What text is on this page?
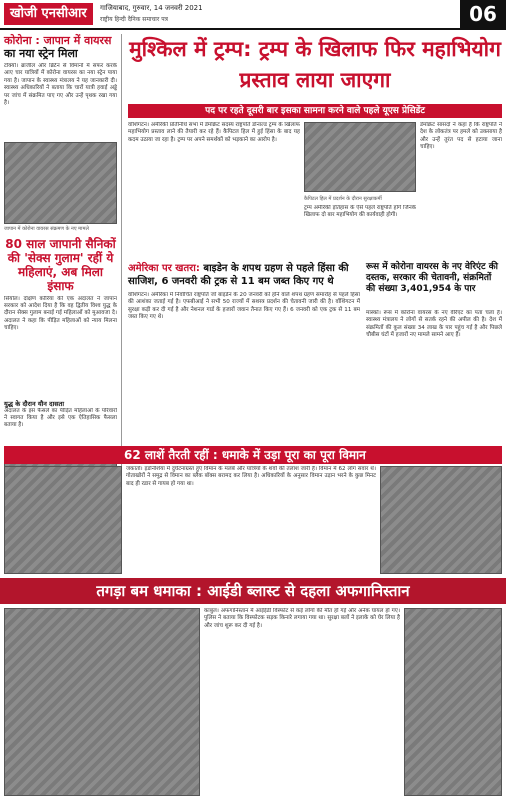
खोजी एनसीआर	गाजियाबाद, गुरुवार, 14 जनवरी 2021
राष्ट्रीय हिन्दी दैनिक समाचार पत्र	06
कोरोना : जापान में वायरस
का नया स्ट्रेन मिला
टोक्यो। ब्राजील और ब्रिटेन से विमानों में सफर करके आए चार यात्रियों में कोरोना वायरस का नया स्ट्रेन पाया गया है। जापान के स्वास्थ्य मंत्रालय ने यह जानकारी दी। स्वास्थ्य अधिकारियों ने बताया कि चारों यात्री हवाई अड्डे पर जांच में संक्रमित पाए गए और उन्हें पृथक रखा गया है।
जापान में कोरोना वायरस संक्रमण के नए मामले
80 साल जापानी सैनिकों की 'सेक्स गुलाम' रहीं ये महिलाएं, अब मिला इंसाफ
सियोल। दक्षिण कोरिया की एक अदालत ने जापान सरकार को आदेश दिया है कि वह द्वितीय विश्व युद्ध के दौरान सेक्स गुलाम बनाई गई महिलाओं को मुआवजा दे। अदालत ने कहा कि पीड़ित महिलाओं को न्याय मिलना चाहिए।
युद्ध के दौरान यौन दासता
अदालत के इस फैसले का पीड़ित महिलाओं के परिवारों ने स्वागत किया है और इसे एक ऐतिहासिक फैसला बताया है।
मुश्किल में ट्रम्प: ट्रम्प के खिलाफ फिर महाभियोग प्रस्ताव लाया जाएगा
पद पर रहते दूसरी बार इसका सामना करने वाले पहले यूएस प्रेसिडेंट
वॉशिंगटन। अमेरिकी प्रतिनिधि सभा में डेमोक्रेट सदस्य राष्ट्रपति डोनाल्ड ट्रम्प के खिलाफ महाभियोग प्रस्ताव लाने की तैयारी कर रहे हैं। कैपिटल हिल में हुई हिंसा के बाद यह कदम उठाया जा रहा है। ट्रम्प पर अपने समर्थकों को भड़काने का आरोप है।
कैपिटल हिल में प्रदर्शन के दौरान सुरक्षाकर्मी
ट्रम्प अमेरिकी इतिहास के ऐसे पहले राष्ट्रपति होंगे जिनके खिलाफ दो बार महाभियोग की कार्यवाही होगी।
डेमोक्रेट सांसदों ने कहा है कि राष्ट्रपति ने देश के लोकतंत्र पर हमले को उकसाया है और उन्हें तुरंत पद से हटाया जाना चाहिए।
अमेरिका पर खतरा: बाइडेन के शपथ ग्रहण से पहले हिंसा की साजिश, 6 जनवरी की ट्रक से 11 बम जब्त किए गए थे
वॉशिंगटन। अमेरिका में निर्वाचित राष्ट्रपति जो बाइडेन के 20 जनवरी को होने वाले शपथ ग्रहण समारोह से पहले हिंसा की आशंका जताई गई है। एफबीआई ने सभी 50 राज्यों में सशस्त्र प्रदर्शन की चेतावनी जारी की है। वॉशिंगटन में सुरक्षा कड़ी कर दी गई है और नेशनल गार्ड के हजारों जवान तैनात किए गए हैं। 6 जनवरी को एक ट्रक से 11 बम जब्त किए गए थे।
रूस में कोरोना वायरस के नए वेरिएंट की दस्तक, सरकार की चेतावनी, संक्रमितों की संख्या 3,401,954 के पार
मास्को। रूस में कोरोना वायरस के नए वेरिएंट का पता चला है। स्वास्थ्य मंत्रालय ने लोगों से सतर्क रहने की अपील की है। देश में संक्रमितों की कुल संख्या 34 लाख के पार पहुंच गई है और पिछले चौबीस घंटों में हजारों नए मामले सामने आए हैं।
62 लाशें तैरती रहीं : धमाके में उड़ा पूरा का पूरा विमान
जकार्ता। इंडोनेशिया में दुर्घटनाग्रस्त हुए विमान के मलबे और यात्रियों के शवों की तलाश जारी है। विमान में 62 लोग सवार थे। गोताखोरों ने समुद्र से विमान का ब्लैक बॉक्स बरामद कर लिया है। अधिकारियों के अनुसार विमान उड़ान भरने के कुछ मिनट बाद ही रडार से गायब हो गया था।
तगड़ा बम धमाका : आईडी ब्लास्ट से दहला अफगानिस्तान
काबुल। अफगानिस्तान में आईईडी विस्फोट से कई लोगों की मौत हो गई और अनेक घायल हो गए। पुलिस ने बताया कि विस्फोटक सड़क किनारे लगाया गया था। सुरक्षा बलों ने इलाके को घेर लिया है और जांच शुरू कर दी गई है।
